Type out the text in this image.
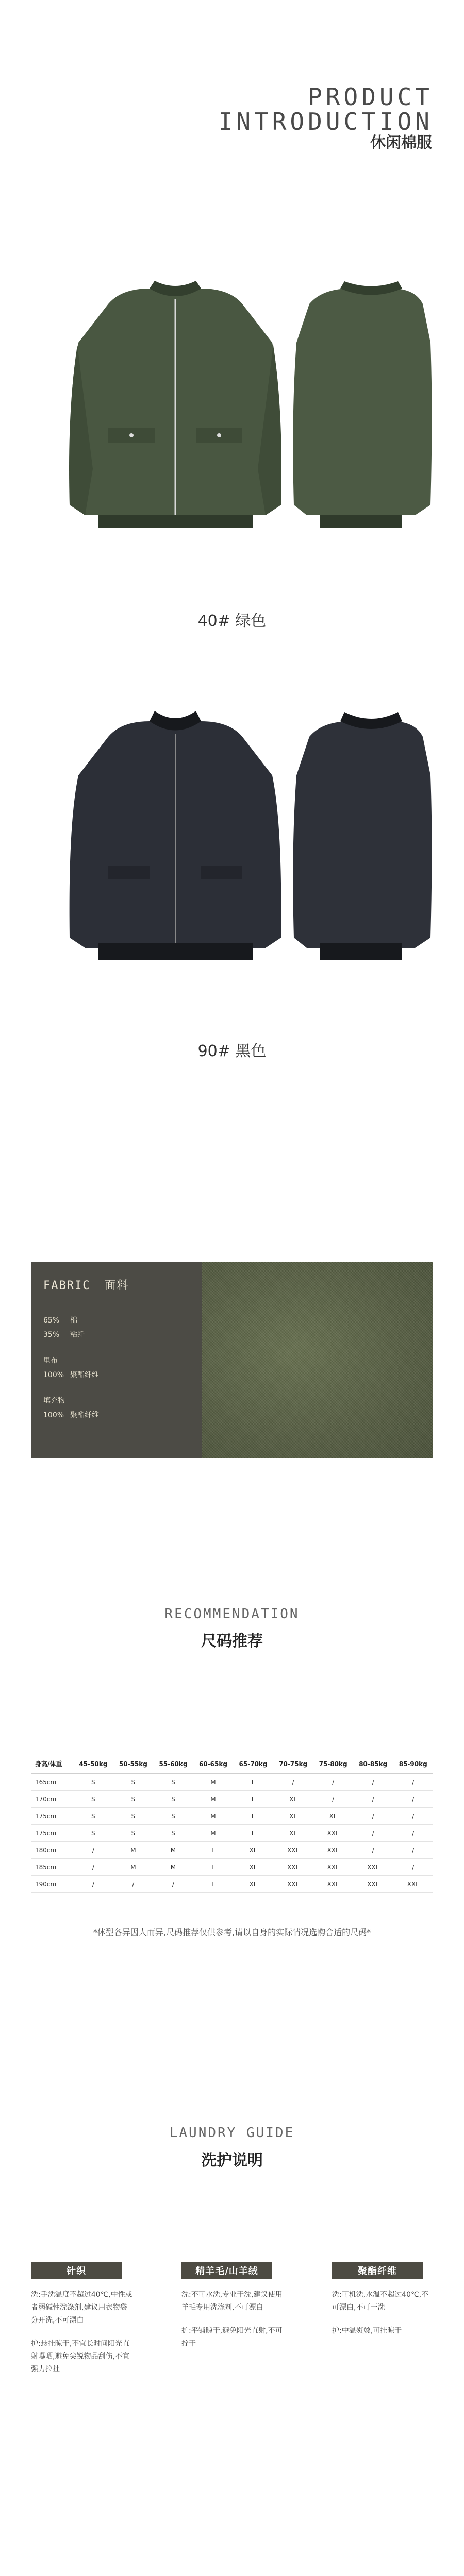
PRODUCT
INTRODUCTION
休闲棉服
40# 绿色
90# 黑色
FABRIC 面料
65% 棉
35% 粘纤
里布
100% 聚酯纤维
填充物
100% 聚酯纤维
RECOMMENDATION
尺码推荐
身高/体重	45-50kg	50-55kg	55-60kg	60-65kg	65-70kg	70-75kg	75-80kg	80-85kg	85-90kg
165cm	S	S	S	M	L	/	/	/	/
170cm	S	S	S	M	L	XL	/	/	/
175cm	S	S	S	M	L	XL	XL	/	/
175cm	S	S	S	M	L	XL	XXL	/	/
180cm	/	M	M	L	XL	XXL	XXL	/	/
185cm	/	M	M	L	XL	XXL	XXL	XXL	/
190cm	/	/	/	L	XL	XXL	XXL	XXL	XXL
*体型各异因人而异,尺码推荐仅供参考,请以自身的实际情况选购合适的尺码*
LAUNDRY GUIDE
洗护说明
针织

洗:手洗温度不超过40℃,中性或者弱碱性洗涤剂,建议用衣物袋分开洗,不可漂白

护:悬挂晾干,不宜长时间阳光直射曝晒,避免尖锐物品刮伤,不宜强力拉扯

精羊毛/山羊绒

洗:不可水洗,专业干洗,建议使用羊毛专用洗涤剂,不可漂白

护:平铺晾干,避免阳光直射,不可拧干

聚酯纤维

洗:可机洗,水温不超过40℃,不可漂白,不可干洗

护:中温熨烫,可挂晾干
